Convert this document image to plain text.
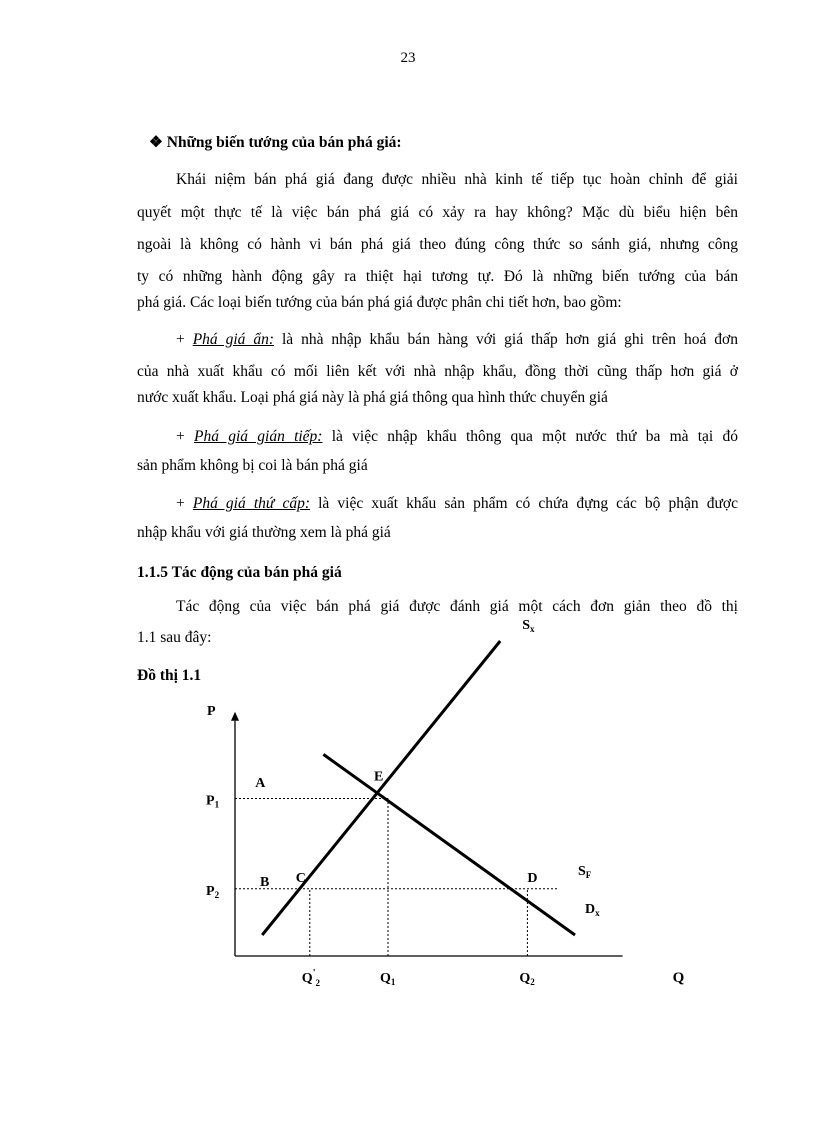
23
❖ Những biến tướng của bán phá giá:
Khái niệm bán phá giá đang được nhiều nhà kinh tế tiếp tục hoàn chỉnh để giải
quyết một thực tế là việc bán phá giá có xảy ra hay không? Mặc dù biểu hiện bên
ngoài là không có hành vi bán phá giá theo đúng công thức so sánh giá, nhưng công
ty có những hành động gây ra thiệt hại tương tự. Đó là những biến tướng của bán
phá giá. Các loại biến tướng của bán phá giá được phân chi tiết hơn, bao gồm:
+ Phá giá ẩn: là nhà nhập khẩu bán hàng với giá thấp hơn giá ghi trên hoá đơn
của nhà xuất khẩu có mối liên kết với nhà nhập khẩu, đồng thời cũng thấp hơn giá ở
nước xuất khẩu. Loại phá giá này là phá giá thông qua hình thức chuyển giá
+ Phá giá gián tiếp: là việc nhập khẩu thông qua một nước thứ ba mà tại đó
sản phẩm không bị coi là bán phá giá
+ Phá giá thứ cấp: là việc xuất khẩu sản phẩm có chứa đựng các bộ phận được
nhập khẩu với giá thường xem là phá giá
1.1.5 Tác động của bán phá giá
Tác động của việc bán phá giá được đánh giá một cách đơn giản theo đồ thị
1.1 sau đây:
Đồ thị 1.1
P
Q
$S_x$
$D_x$
$S_F$
$Q'_2$	$Q_1$	$Q_2$
$P_1$
$P_2$
A
B C	D
E
